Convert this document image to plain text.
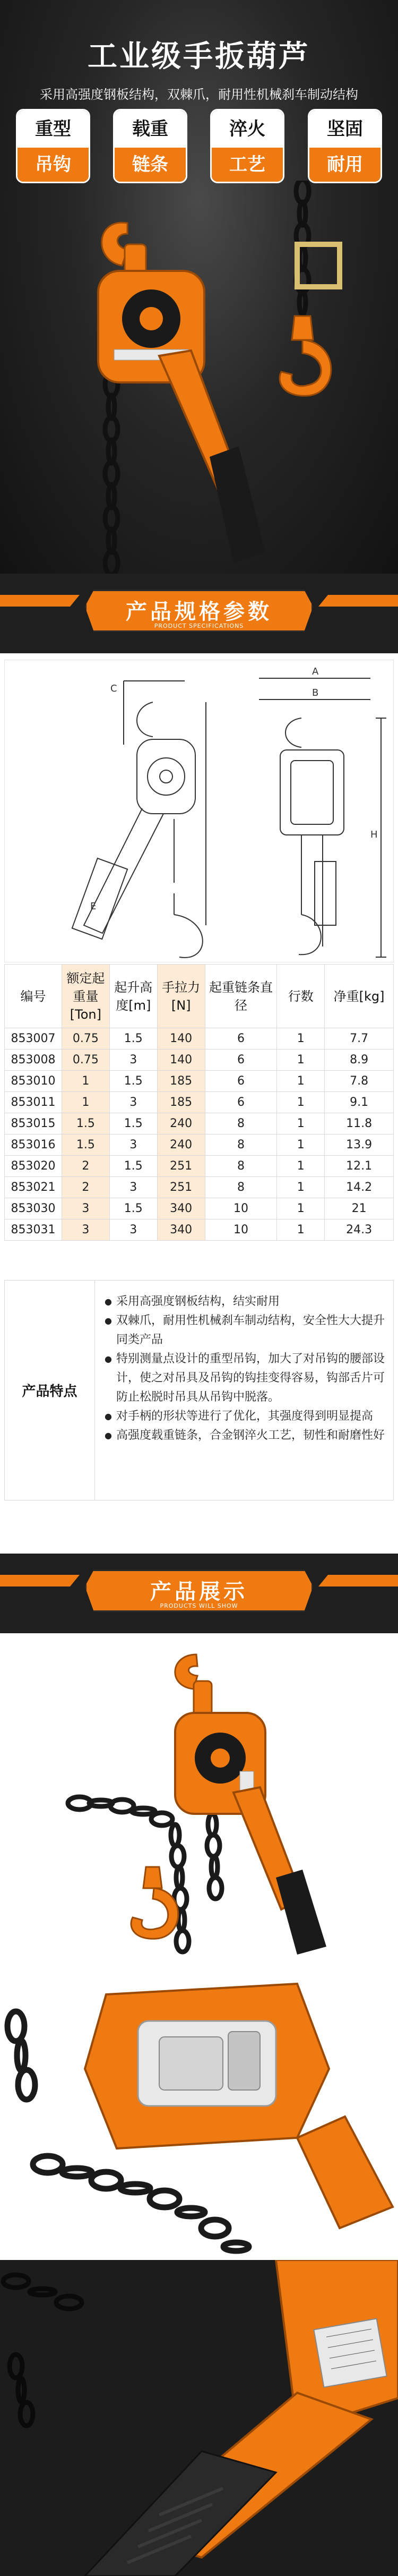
工业级手扳葫芦
采用高强度钢板结构，双棘爪，耐用性机械刹车制动结构
重型
吊钩
载重
链条
淬火
工艺
坚固
耐用
产品规格参数
PRODUCT SPECIFICATIONS
C
E
A
B
H
编号	额定起重量[Ton]	起升高度[m]	手拉力[N]	起重链条直径	行数	净重[kg]
853007	0.75	1.5	140	6	1	7.7
853008	0.75	3	140	6	1	8.9
853010	1	1.5	185	6	1	7.8
853011	1	3	185	6	1	9.1
853015	1.5	1.5	240	8	1	11.8
853016	1.5	3	240	8	1	13.9
853020	2	1.5	251	8	1	12.1
853021	2	3	251	8	1	14.2
853030	3	1.5	340	10	1	21
853031	3	3	340	10	1	24.3
产品特点
● 采用高强度钢板结构，结实耐用
● 双棘爪，耐用性机械刹车制动结构，安全性大大提升同类产品
● 特别测量点设计的重型吊钩，加大了对吊钩的腰部设计，使之对吊具及吊钩的钩挂变得容易，钩部舌片可防止松脱时吊具从吊钩中脱落。
● 对手柄的形状等进行了优化，其强度得到明显提高
● 高强度载重链条，合金钢淬火工艺，韧性和耐磨性好
产品展示
PRODUCTS WILL SHOW
